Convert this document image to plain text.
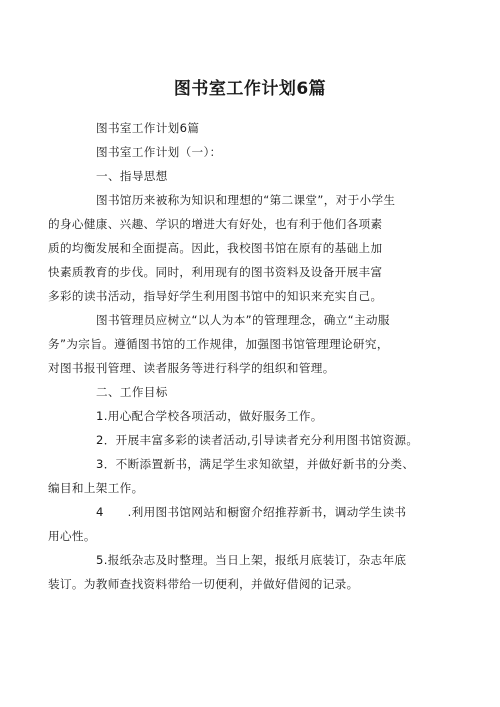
图书室工作计划6篇

图书室工作计划6篇

图书室工作计划（一）：

一、指导思想

图书馆历来被称为知识和理想的“第二课堂”，对于小学生
的身心健康、兴趣、学识的增进大有好处，也有利于他们各项素
质的均衡发展和全面提高。因此，我校图书馆在原有的基础上加
快素质教育的步伐。同时，利用现有的图书资料及设备开展丰富
多彩的读书活动，指导好学生利用图书馆中的知识来充实自己。

图书管理员应树立“以人为本”的管理理念，确立“主动服
务”为宗旨。遵循图书馆的工作规律，加强图书馆管理理论研究，
对图书报刊管理、读者服务等进行科学的组织和管理。

二、工作目标

1.用心配合学校各项活动，做好服务工作。

2．开展丰富多彩的读者活动,引导读者充分利用图书馆资源。

3．不断添置新书，满足学生求知欲望，并做好新书的分类、
编目和上架工作。

4　　.利用图书馆网站和橱窗介绍推荐新书，调动学生读书
用心性。

5.报纸杂志及时整理。当日上架，报纸月底装订，杂志年底
装订。为教师查找资料带给一切便利，并做好借阅的记录。
